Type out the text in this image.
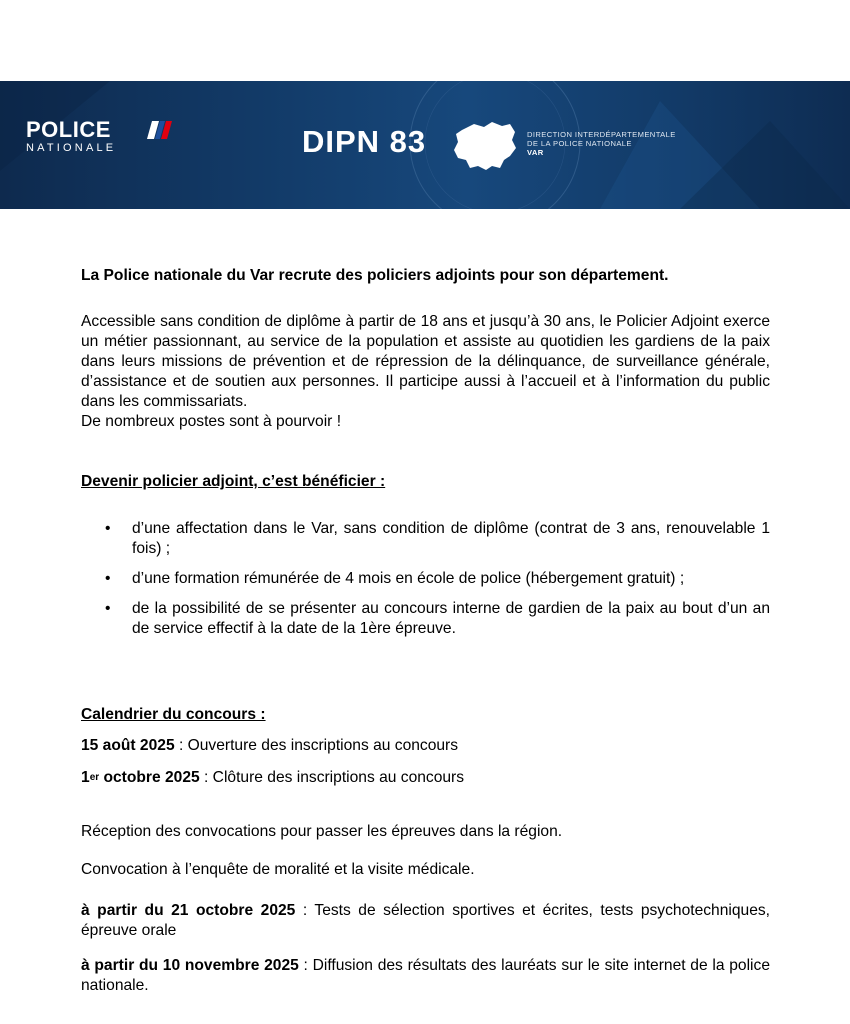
POLICE
NATIONALE	DIPN 83	DIRECTION INTERDÉPARTEMENTALE
DE LA POLICE NATIONALE
VAR

La Police nationale du Var recrute des policiers adjoints pour son département.

Accessible sans condition de diplôme à partir de 18 ans et jusqu’à 30 ans, le Policier Adjoint exerce un métier passionnant, au service de la population et assiste au quotidien les gardiens de la paix dans leurs missions de prévention et de répression de la délinquance, de surveillance générale, d’assistance et de soutien aux personnes. Il participe aussi à l’accueil et à l’information du public dans les commissariats.

De nombreux postes sont à pourvoir !

Devenir policier adjoint, c’est bénéficier :

• d’une affectation dans le Var, sans condition de diplôme (contrat de 3 ans, renouvelable 1 fois) ;
• d’une formation rémunérée de 4 mois en école de police (hébergement gratuit) ;
• de la possibilité de se présenter au concours interne de gardien de la paix au bout d’un an de service effectif à la date de la 1ère épreuve.

Calendrier du concours :

15 août 2025 : Ouverture des inscriptions au concours

1er octobre 2025 : Clôture des inscriptions au concours

Réception des convocations pour passer les épreuves dans la région.

Convocation à l’enquête de moralité et la visite médicale.

à partir du 21 octobre 2025 : Tests de sélection sportives et écrites, tests psychotechniques, épreuve orale

à partir du 10 novembre 2025 : Diffusion des résultats des lauréats sur le site internet de la police nationale.
